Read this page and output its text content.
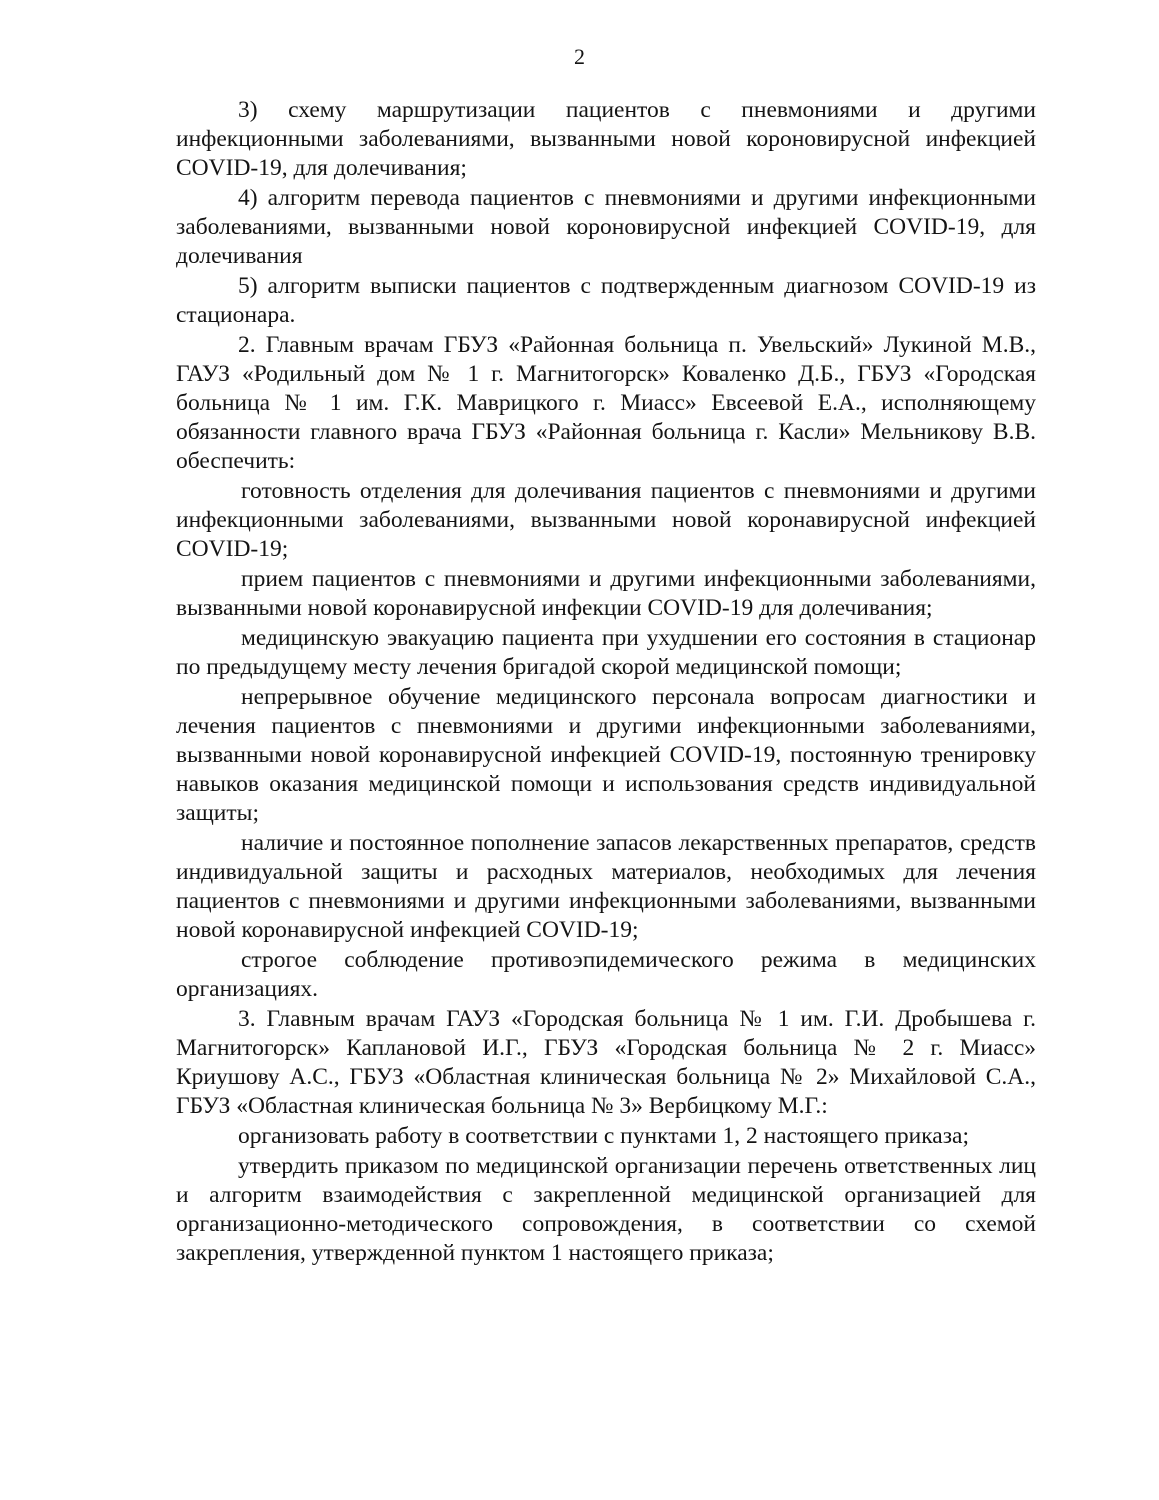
2

3) схему маршрутизации пациентов с пневмониями и другими инфекционными заболеваниями, вызванными новой короновирусной инфекцией COVID-19, для долечивания;

4) алгоритм перевода пациентов с пневмониями и другими инфекционными заболеваниями, вызванными новой короновирусной инфекцией COVID-19, для долечивания

5) алгоритм выписки пациентов с подтвержденным диагнозом COVID-19 из стационара.

2. Главным врачам ГБУЗ «Районная больница п. Увельский» Лукиной М.В., ГАУЗ «Родильный дом № 1 г. Магнитогорск» Коваленко Д.Б., ГБУЗ «Городская больница № 1 им. Г.К. Маврицкого г. Миасс» Евсеевой Е.А., исполняющему обязанности главного врача ГБУЗ «Районная больница г. Касли» Мельникову В.В. обеспечить:

готовность отделения для долечивания пациентов с пневмониями и другими инфекционными заболеваниями, вызванными новой коронавирусной инфекцией COVID-19;

прием пациентов с пневмониями и другими инфекционными заболеваниями, вызванными новой коронавирусной инфекции COVID-19 для долечивания;

медицинскую эвакуацию пациента при ухудшении его состояния в стационар по предыдущему месту лечения бригадой скорой медицинской помощи;

непрерывное обучение медицинского персонала вопросам диагностики и лечения пациентов с пневмониями и другими инфекционными заболеваниями, вызванными новой коронавирусной инфекцией COVID-19, постоянную тренировку навыков оказания медицинской помощи и использования средств индивидуальной защиты;

наличие и постоянное пополнение запасов лекарственных препаратов, средств индивидуальной защиты и расходных материалов, необходимых для лечения пациентов с пневмониями и другими инфекционными заболеваниями, вызванными новой коронавирусной инфекцией COVID-19;

строгое соблюдение противоэпидемического режима в медицинских организациях.

3. Главным врачам ГАУЗ «Городская больница № 1 им. Г.И. Дробышева г. Магнитогорск» Каплановой И.Г., ГБУЗ «Городская больница № 2 г. Миасс» Криушову А.С., ГБУЗ «Областная клиническая больница № 2» Михайловой С.А., ГБУЗ «Областная клиническая больница № 3» Вербицкому М.Г.:

организовать работу в соответствии с пунктами 1, 2 настоящего приказа;

утвердить приказом по медицинской организации перечень ответственных лиц и алгоритм взаимодействия с закрепленной медицинской организацией для организационно-методического сопровождения, в соответствии со схемой закрепления, утвержденной пунктом 1 настоящего приказа;
